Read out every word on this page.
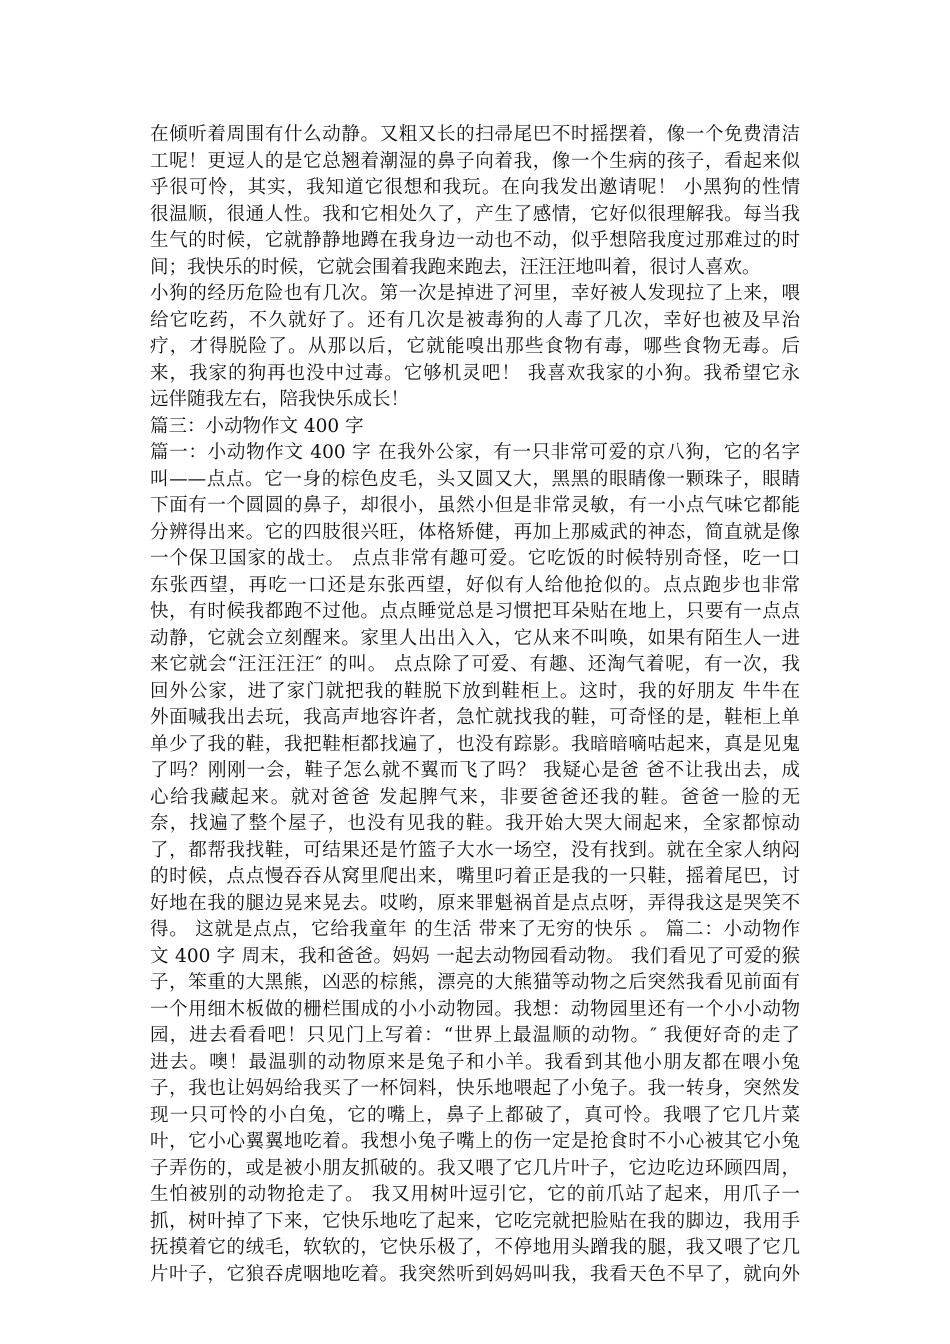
在倾听着周围有什么动静。又粗又长的扫帚尾巴不时摇摆着，像一个免费清洁
工呢！更逗人的是它总翘着潮湿的鼻子向着我，像一个生病的孩子，看起来似
乎很可怜，其实，我知道它很想和我玩。在向我发出邀请呢！ 小黑狗的性情
很温顺，很通人性。我和它相处久了，产生了感情，它好似很理解我。每当我
生气的时候，它就静静地蹲在我身边一动也不动，似乎想陪我度过那难过的时
间；我快乐的时候，它就会围着我跑来跑去，汪汪汪地叫着，很讨人喜欢。
小狗的经历危险也有几次。第一次是掉进了河里，幸好被人发现拉了上来，喂
给它吃药，不久就好了。还有几次是被毒狗的人毒了几次，幸好也被及早治
疗，才得脱险了。从那以后，它就能嗅出那些食物有毒，哪些食物无毒。后
来，我家的狗再也没中过毒。它够机灵吧！ 我喜欢我家的小狗。我希望它永
远伴随我左右，陪我快乐成长！
篇三：小动物作文 400 字
篇一：小动物作文 400 字 在我外公家，有一只非常可爱的京八狗，它的名字
叫——点点。它一身的棕色皮毛，头又圆又大，黑黑的眼睛像一颗珠子，眼睛
下面有一个圆圆的鼻子，却很小，虽然小但是非常灵敏，有一小点气味它都能
分辨得出来。它的四肢很兴旺，体格矫健，再加上那威武的神态，简直就是像
一个保卫国家的战士。 点点非常有趣可爱。它吃饭的时候特别奇怪，吃一口
东张西望，再吃一口还是东张西望，好似有人给他抢似的。点点跑步也非常
快，有时候我都跑不过他。点点睡觉总是习惯把耳朵贴在地上，只要有一点点
动静，它就会立刻醒来。家里人出出入入，它从来不叫唤，如果有陌生人一进
来它就会“汪汪汪汪″ 的叫。 点点除了可爱、有趣、还淘气着呢，有一次，我
回外公家，进了家门就把我的鞋脱下放到鞋柜上。这时，我的好朋友 牛牛在
外面喊我出去玩，我高声地容许者，急忙就找我的鞋，可奇怪的是，鞋柜上单
单少了我的鞋，我把鞋柜都找遍了，也没有踪影。我暗暗嘀咕起来，真是见鬼
了吗？刚刚一会，鞋子怎么就不翼而飞了吗？ 我疑心是爸 爸不让我出去，成
心给我藏起来。就对爸爸 发起脾气来，非要爸爸还我的鞋。爸爸一脸的无
奈，找遍了整个屋子，也没有见我的鞋。我开始大哭大闹起来，全家都惊动
了，都帮我找鞋，可结果还是竹篮子大水一场空，没有找到。就在全家人纳闷
的时候，点点慢吞吞从窝里爬出来，嘴里叼着正是我的一只鞋，摇着尾巴，讨
好地在我的腿边晃来晃去。哎哟，原来罪魁祸首是点点呀，弄得我这是哭笑不
得。 这就是点点，它给我童年 的生活 带来了无穷的快乐 。 篇二：小动物作
文 400 字 周末，我和爸爸。妈妈 一起去动物园看动物。 我们看见了可爱的猴
子，笨重的大黑熊，凶恶的棕熊，漂亮的大熊猫等动物之后突然我看见前面有
一个用细木板做的栅栏围成的小小动物园。我想：动物园里还有一个小小动物
园，进去看看吧！只见门上写着：“世界上最温顺的动物。″ 我便好奇的走了
进去。噢！最温驯的动物原来是兔子和小羊。我看到其他小朋友都在喂小兔
子，我也让妈妈给我买了一杯饲料，快乐地喂起了小兔子。我一转身，突然发
现一只可怜的小白兔，它的嘴上，鼻子上都破了，真可怜。我喂了它几片菜
叶，它小心翼翼地吃着。我想小兔子嘴上的伤一定是抢食时不小心被其它小兔
子弄伤的，或是被小朋友抓破的。我又喂了它几片叶子，它边吃边环顾四周，
生怕被别的动物抢走了。 我又用树叶逗引它，它的前爪站了起来，用爪子一
抓，树叶掉了下来，它快乐地吃了起来，它吃完就把脸贴在我的脚边，我用手
抚摸着它的绒毛，软软的，它快乐极了，不停地用头蹭我的腿，我又喂了它几
片叶子，它狼吞虎咽地吃着。我突然听到妈妈叫我，我看天色不早了，就向外
